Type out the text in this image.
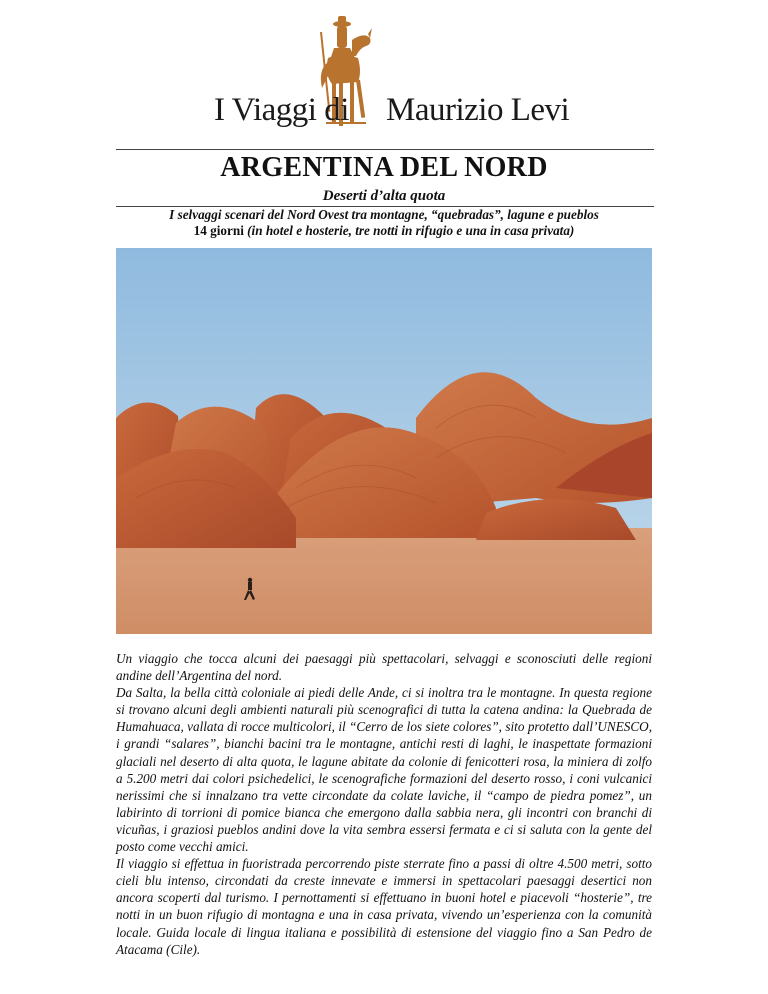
I Viaggi di Maurizio Levi
ARGENTINA DEL NORD
Deserti d’alta quota
I selvaggi scenari del Nord Ovest tra montagne, “quebradas”, lagune e pueblos
14 giorni (in hotel e hosterie, tre notti in rifugio e una in casa privata)

Un viaggio che tocca alcuni dei paesaggi più spettacolari, selvaggi e sconosciuti delle regioni andine dell’Argentina del nord.

Da Salta, la bella città coloniale ai piedi delle Ande, ci si inoltra tra le montagne. In questa regione si trovano alcuni degli ambienti naturali più scenografici di tutta la catena andina: la Quebrada de Humahuaca, vallata di rocce multicolori, il “Cerro de los siete colores”, sito protetto dall’UNESCO, i grandi “salares”, bianchi bacini tra le montagne, antichi resti di laghi, le inaspettate formazioni glaciali nel deserto di alta quota, le lagune abitate da colonie di fenicotteri rosa, la miniera di zolfo a 5.200 metri dai colori psichedelici, le scenografiche formazioni del deserto rosso, i coni vulcanici nerissimi che si innalzano tra vette circondate da colate laviche, il “campo de piedra pomez”, un labirinto di torrioni di pomice bianca che emergono dalla sabbia nera, gli incontri con branchi di vicuñas, i graziosi pueblos andini dove la vita sembra essersi fermata e ci si saluta con la gente del posto come vecchi amici.

Il viaggio si effettua in fuoristrada percorrendo piste sterrate fino a passi di oltre 4.500 metri, sotto cieli blu intenso, circondati da creste innevate e immersi in spettacolari paesaggi desertici non ancora scoperti dal turismo. I pernottamenti si effettuano in buoni hotel e piacevoli “hosterie”, tre notti in un buon rifugio di montagna e una in casa privata, vivendo un’esperienza con la comunità locale. Guida locale di lingua italiana e possibilità di estensione del viaggio fino a San Pedro de Atacama (Cile).
